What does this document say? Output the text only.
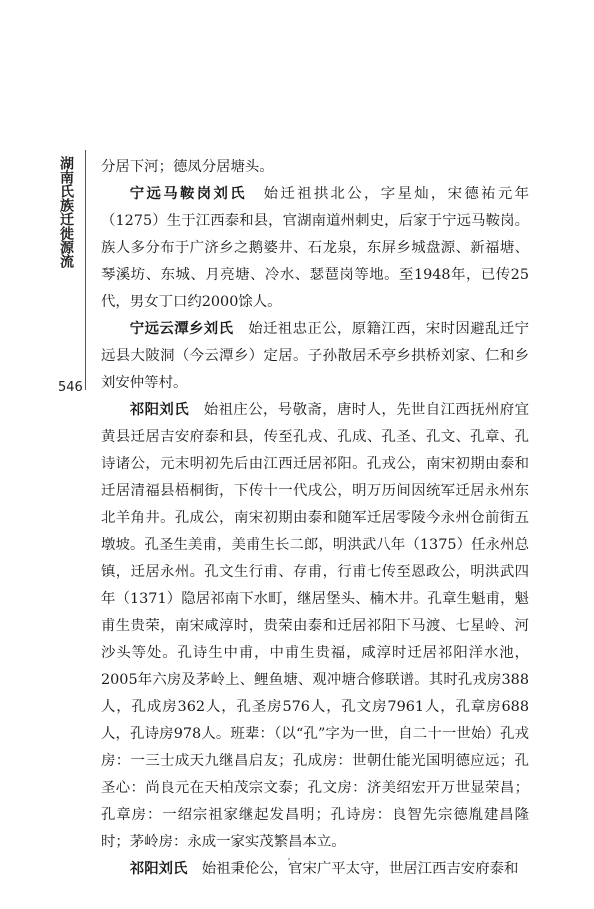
湖南氏族迁徙源流
546

分居下河；德凤分居塘头。

宁远马鞍岗刘氏 始迁祖拱北公，字星灿，宋德祐元年（1275）生于江西泰和县，官湖南道州刺史，后家于宁远马鞍岗。族人多分布于广济乡之鹅婆井、石龙泉，东屏乡城盘源、新福塘、琴溪坊、东城、月亮塘、冷水、瑟琶岗等地。至1948年，已传25代，男女丁口约2000馀人。

宁远云潭乡刘氏 始迁祖忠正公，原籍江西，宋时因避乱迁宁远县大陂洞（今云潭乡）定居。子孙散居禾亭乡拱桥刘家、仁和乡刘安仲等村。

祁阳刘氏 始祖庄公，号敬斋，唐时人，先世自江西抚州府宜黄县迁居吉安府泰和县，传至孔戎、孔成、孔圣、孔文、孔章、孔诗诸公，元末明初先后由江西迁居祁阳。孔戎公，南宋初期由泰和迁居清福县梧桐街，下传十一代戌公，明万历间因统军迁居永州东北羊角井。孔成公，南宋初期由泰和随军迁居零陵今永州仓前街五墩坡。孔圣生美甫，美甫生长二郎，明洪武八年（1375）任永州总镇，迁居永州。孔文生行甫、存甫，行甫七传至恩政公，明洪武四年（1371）隐居祁南下水町，继居堡头、楠木井。孔章生魁甫，魁甫生贵荣，南宋咸淳时，贵荣由泰和迁居祁阳下马渡、七星岭、河沙头等处。孔诗生中甫，中甫生贵福，咸淳时迁居祁阳洋水池，2005年六房及茅岭上、鲤鱼塘、观冲塘合修联谱。其时孔戎房388人，孔成房362人，孔圣房576人，孔文房7961人，孔章房688人，孔诗房978人。班辈：（以“孔”字为一世，自二十一世始）孔戎房：一三士成天九继昌启友；孔成房：世朝仕能光国明德应远；孔圣心：尚良元在天柏茂宗文泰；孔文房：济美绍宏开万世显荣昌；孔章房：一绍宗祖家继起发昌明；孔诗房：良智先宗德胤建昌隆时；茅岭房：永成一家实茂繁昌本立。

祁阳刘氏 始祖秉伦公，官宋广平太守，世居江西吉安府泰和
